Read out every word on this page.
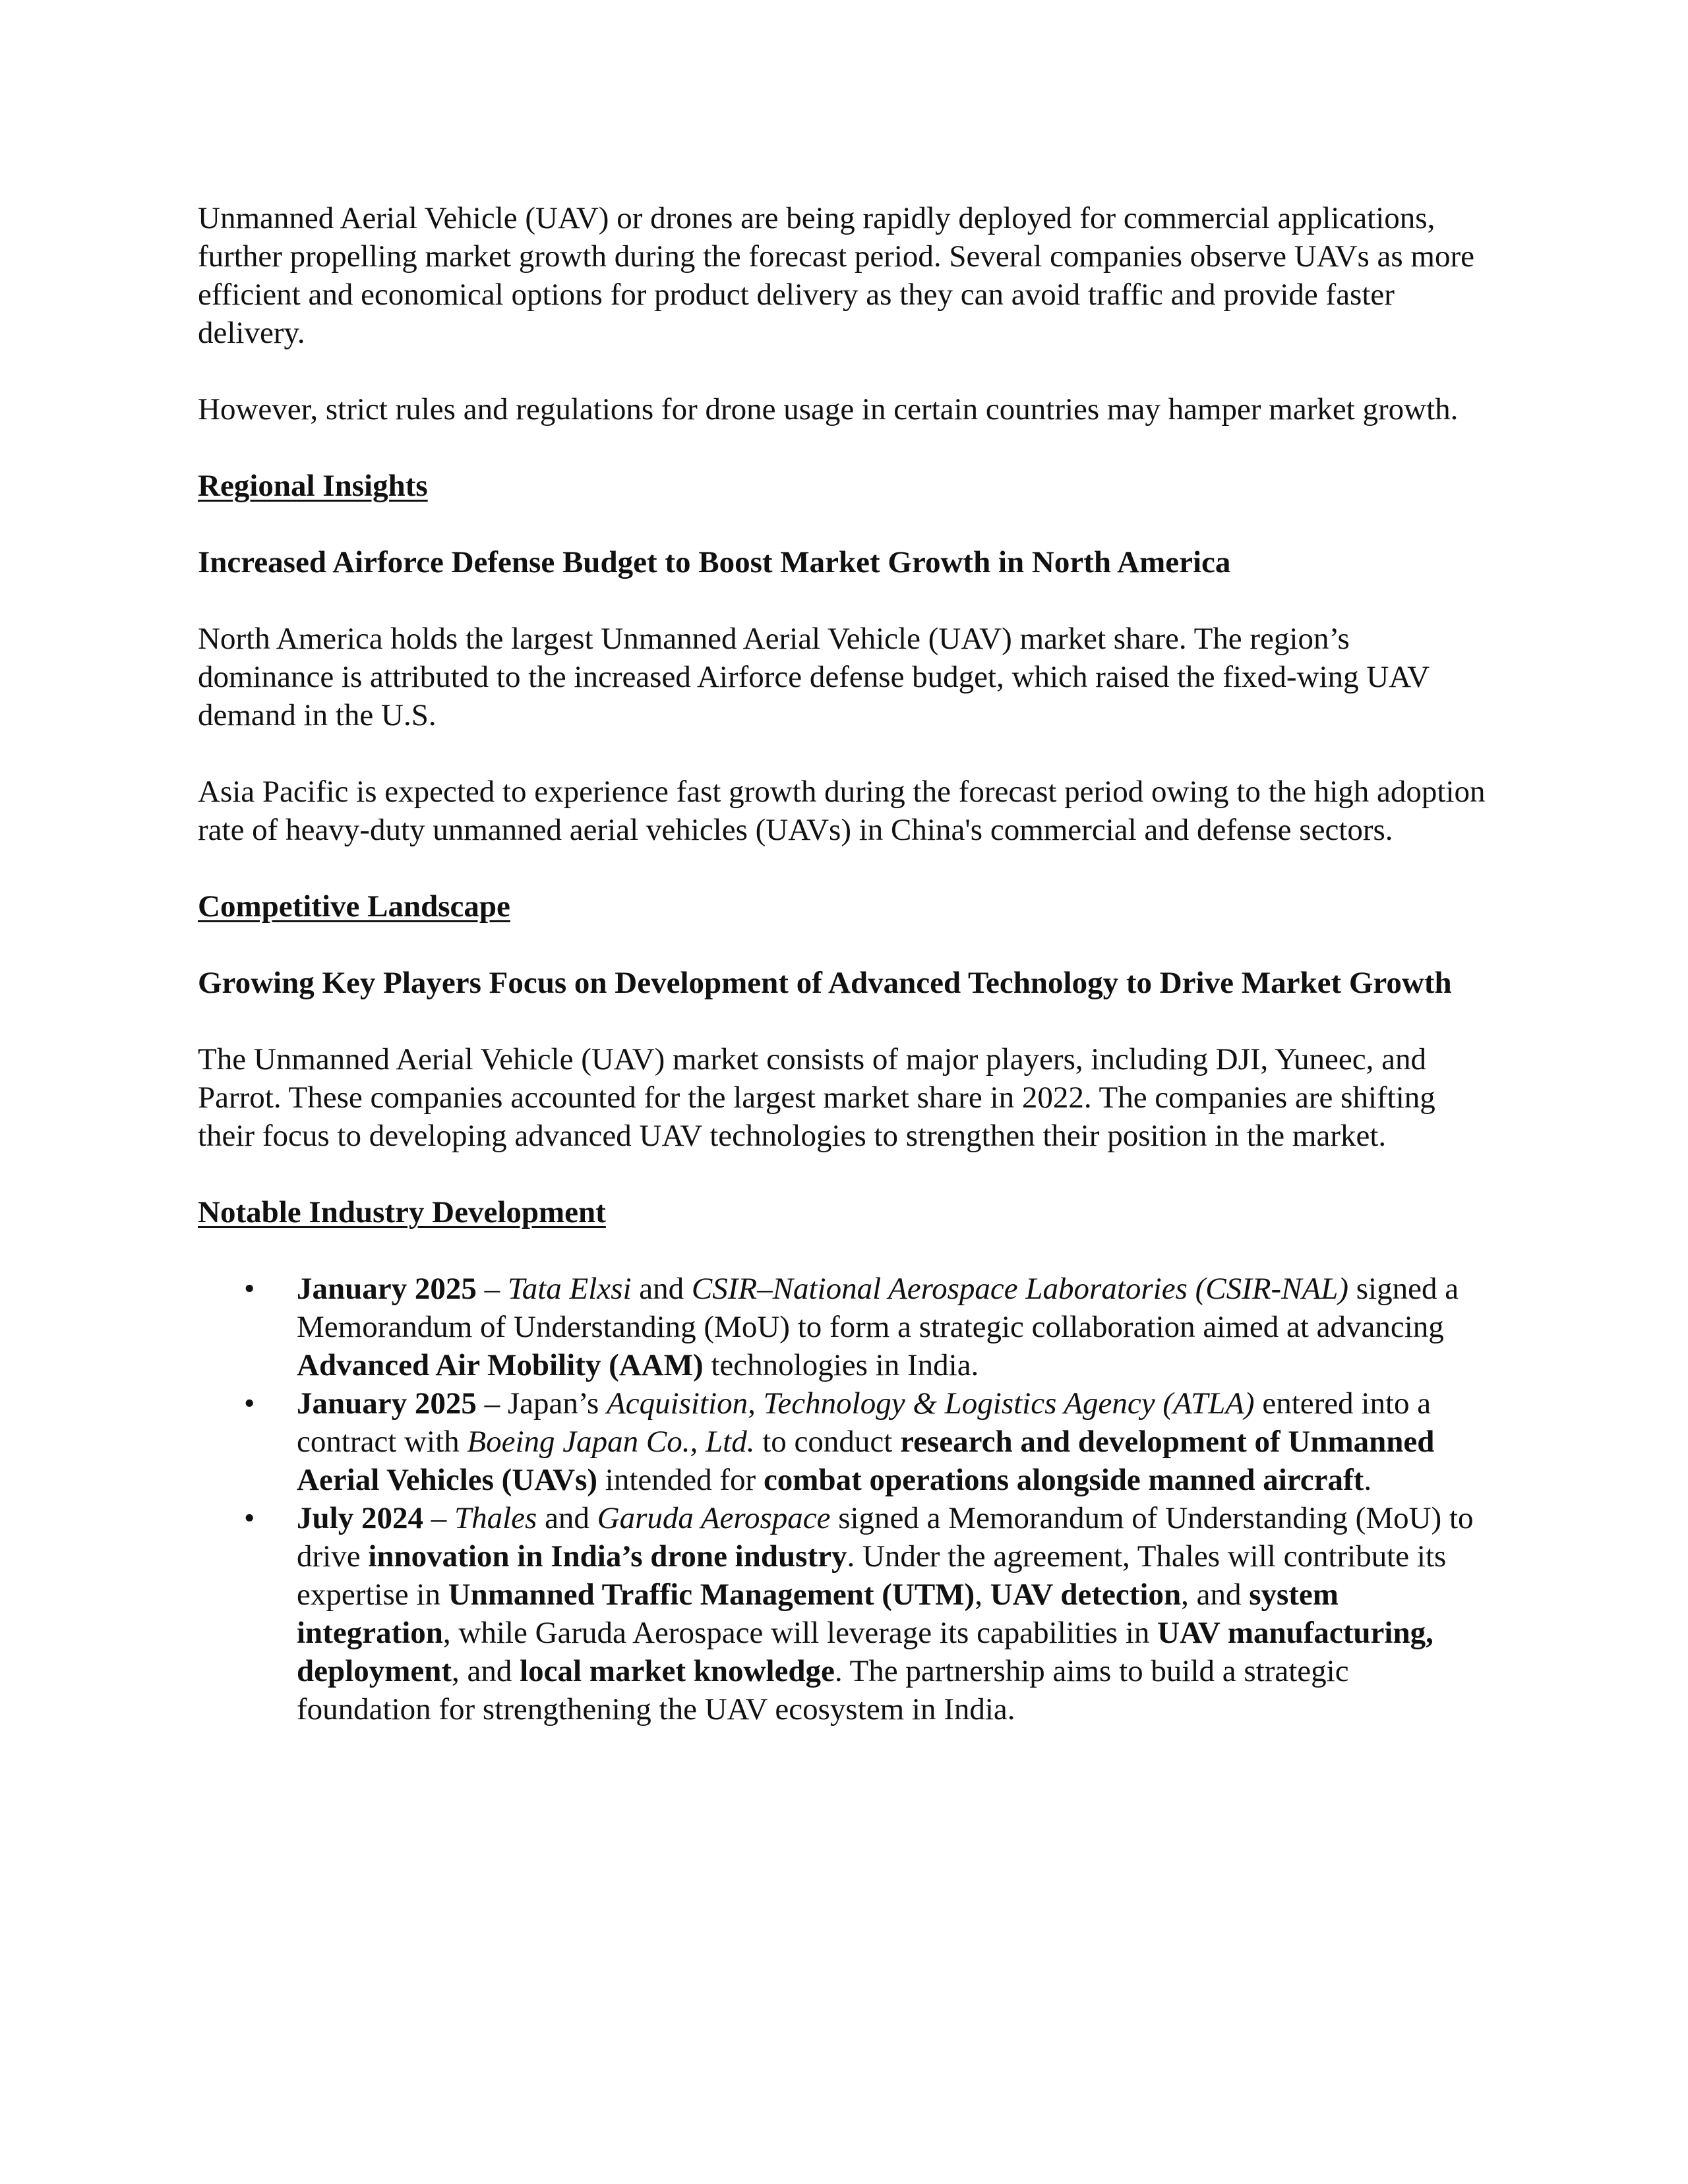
Unmanned Aerial Vehicle (UAV) or drones are being rapidly deployed for commercial applications, further propelling market growth during the forecast period. Several companies observe UAVs as more efficient and economical options for product delivery as they can avoid traffic and provide faster delivery.

However, strict rules and regulations for drone usage in certain countries may hamper market growth.

Regional Insights

Increased Airforce Defense Budget to Boost Market Growth in North America

North America holds the largest Unmanned Aerial Vehicle (UAV) market share. The region’s dominance is attributed to the increased Airforce defense budget, which raised the fixed-wing UAV demand in the U.S.

Asia Pacific is expected to experience fast growth during the forecast period owing to the high adoption rate of heavy-duty unmanned aerial vehicles (UAVs) in China's commercial and defense sectors.

Competitive Landscape

Growing Key Players Focus on Development of Advanced Technology to Drive Market Growth

The Unmanned Aerial Vehicle (UAV) market consists of major players, including DJI, Yuneec, and Parrot. These companies accounted for the largest market share in 2022. The companies are shifting their focus to developing advanced UAV technologies to strengthen their position in the market.

Notable Industry Development

• January 2025 – Tata Elxsi and CSIR–National Aerospace Laboratories (CSIR-NAL) signed a Memorandum of Understanding (MoU) to form a strategic collaboration aimed at advancing Advanced Air Mobility (AAM) technologies in India.
• January 2025 – Japan’s Acquisition, Technology & Logistics Agency (ATLA) entered into a contract with Boeing Japan Co., Ltd. to conduct research and development of Unmanned Aerial Vehicles (UAVs) intended for combat operations alongside manned aircraft.
• July 2024 – Thales and Garuda Aerospace signed a Memorandum of Understanding (MoU) to drive innovation in India’s drone industry. Under the agreement, Thales will contribute its expertise in Unmanned Traffic Management (UTM), UAV detection, and system integration, while Garuda Aerospace will leverage its capabilities in UAV manufacturing, deployment, and local market knowledge. The partnership aims to build a strategic foundation for strengthening the UAV ecosystem in India.
